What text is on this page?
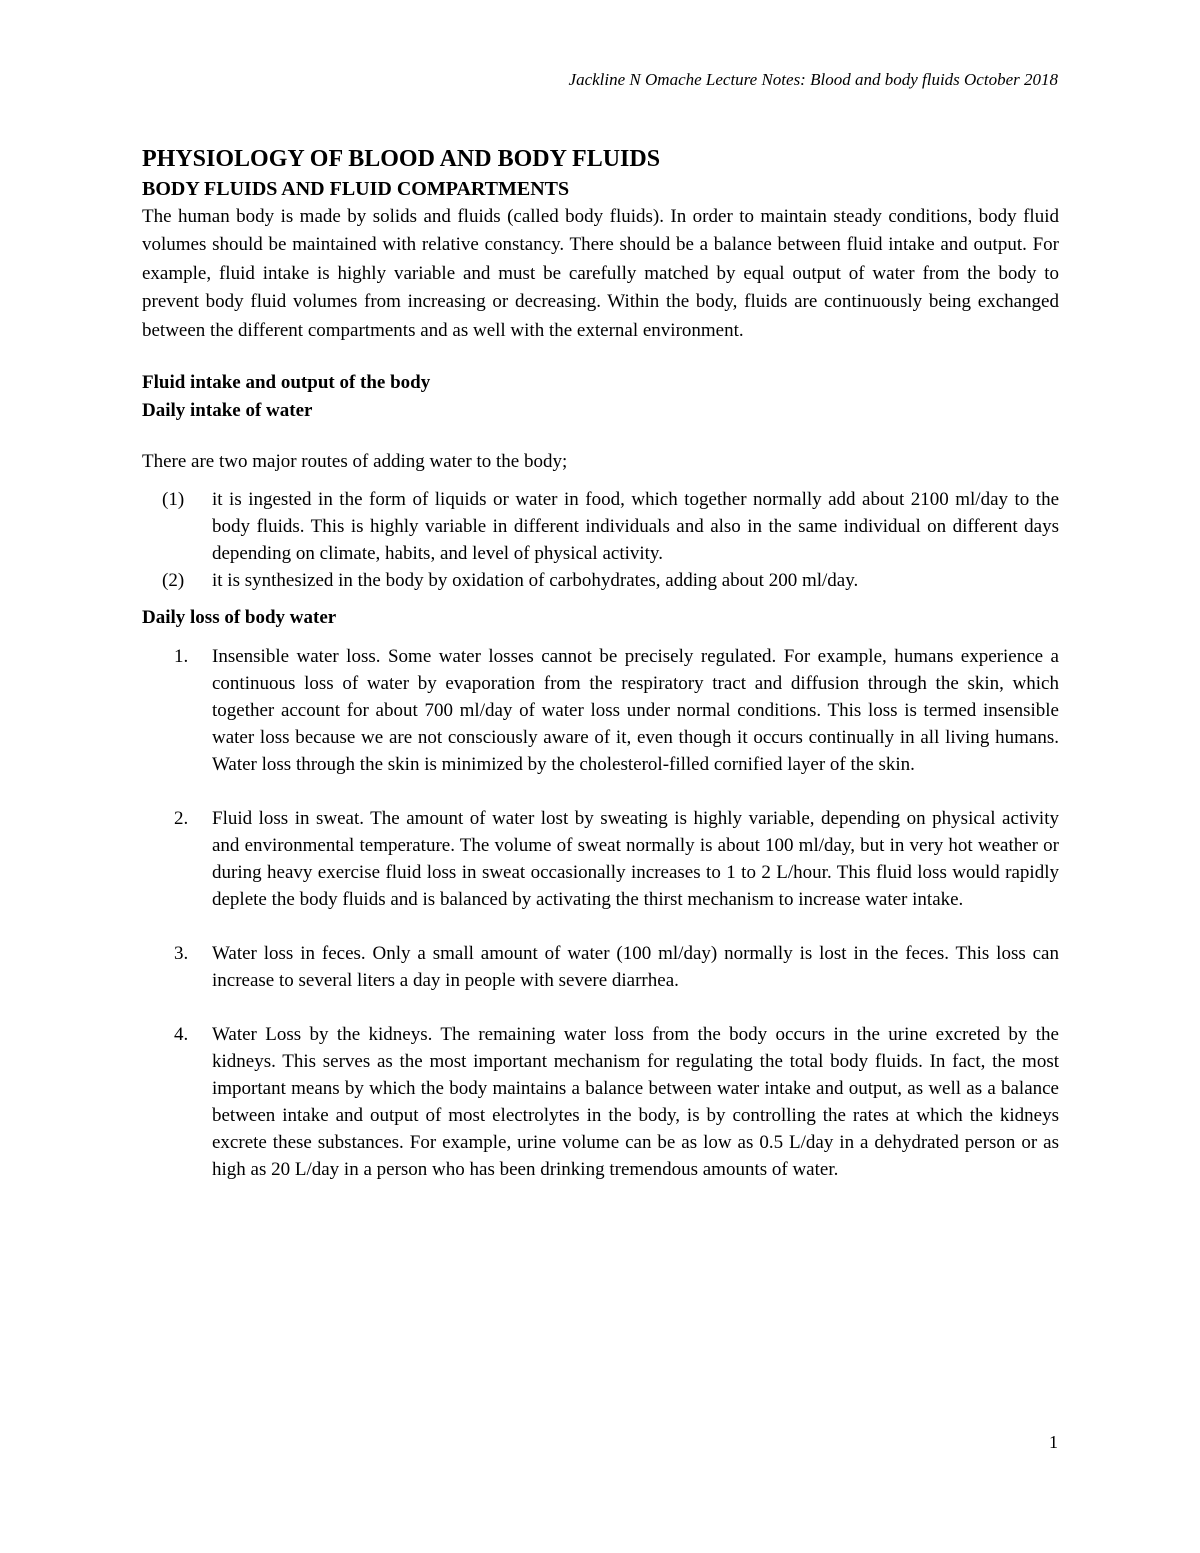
Jackline N Omache Lecture Notes: Blood and body fluids October 2018
PHYSIOLOGY OF BLOOD AND BODY FLUIDS
BODY FLUIDS AND FLUID COMPARTMENTS

The human body is made by solids and fluids (called body fluids). In order to maintain steady conditions, body fluid volumes should be maintained with relative constancy. There should be a balance between fluid intake and output. For example, fluid intake is highly variable and must be carefully matched by equal output of water from the body to prevent body fluid volumes from increasing or decreasing. Within the body, fluids are continuously being exchanged between the different compartments and as well with the external environment.

Fluid intake and output of the body

Daily intake of water

There are two major routes of adding water to the body;

(1) it is ingested in the form of liquids or water in food, which together normally add about 2100 ml/day to the body fluids. This is highly variable in different individuals and also in the same individual on different days depending on climate, habits, and level of physical activity.
(2) it is synthesized in the body by oxidation of carbohydrates, adding about 200 ml/day.

Daily loss of body water

1. Insensible water loss. Some water losses cannot be precisely regulated. For example, humans experience a continuous loss of water by evaporation from the respiratory tract and diffusion through the skin, which together account for about 700 ml/day of water loss under normal conditions. This loss is termed insensible water loss because we are not consciously aware of it, even though it occurs continually in all living humans. Water loss through the skin is minimized by the cholesterol-filled cornified layer of the skin.
2. Fluid loss in sweat. The amount of water lost by sweating is highly variable, depending on physical activity and environmental temperature. The volume of sweat normally is about 100 ml/day, but in very hot weather or during heavy exercise fluid loss in sweat occasionally increases to 1 to 2 L/hour. This fluid loss would rapidly deplete the body fluids and is balanced by activating the thirst mechanism to increase water intake.
3. Water loss in feces. Only a small amount of water (100 ml/day) normally is lost in the feces. This loss can increase to several liters a day in people with severe diarrhea.
4. Water Loss by the kidneys. The remaining water loss from the body occurs in the urine excreted by the kidneys. This serves as the most important mechanism for regulating the total body fluids. In fact, the most important means by which the body maintains a balance between water intake and output, as well as a balance between intake and output of most electrolytes in the body, is by controlling the rates at which the kidneys excrete these substances. For example, urine volume can be as low as 0.5 L/day in a dehydrated person or as high as 20 L/day in a person who has been drinking tremendous amounts of water.
1
